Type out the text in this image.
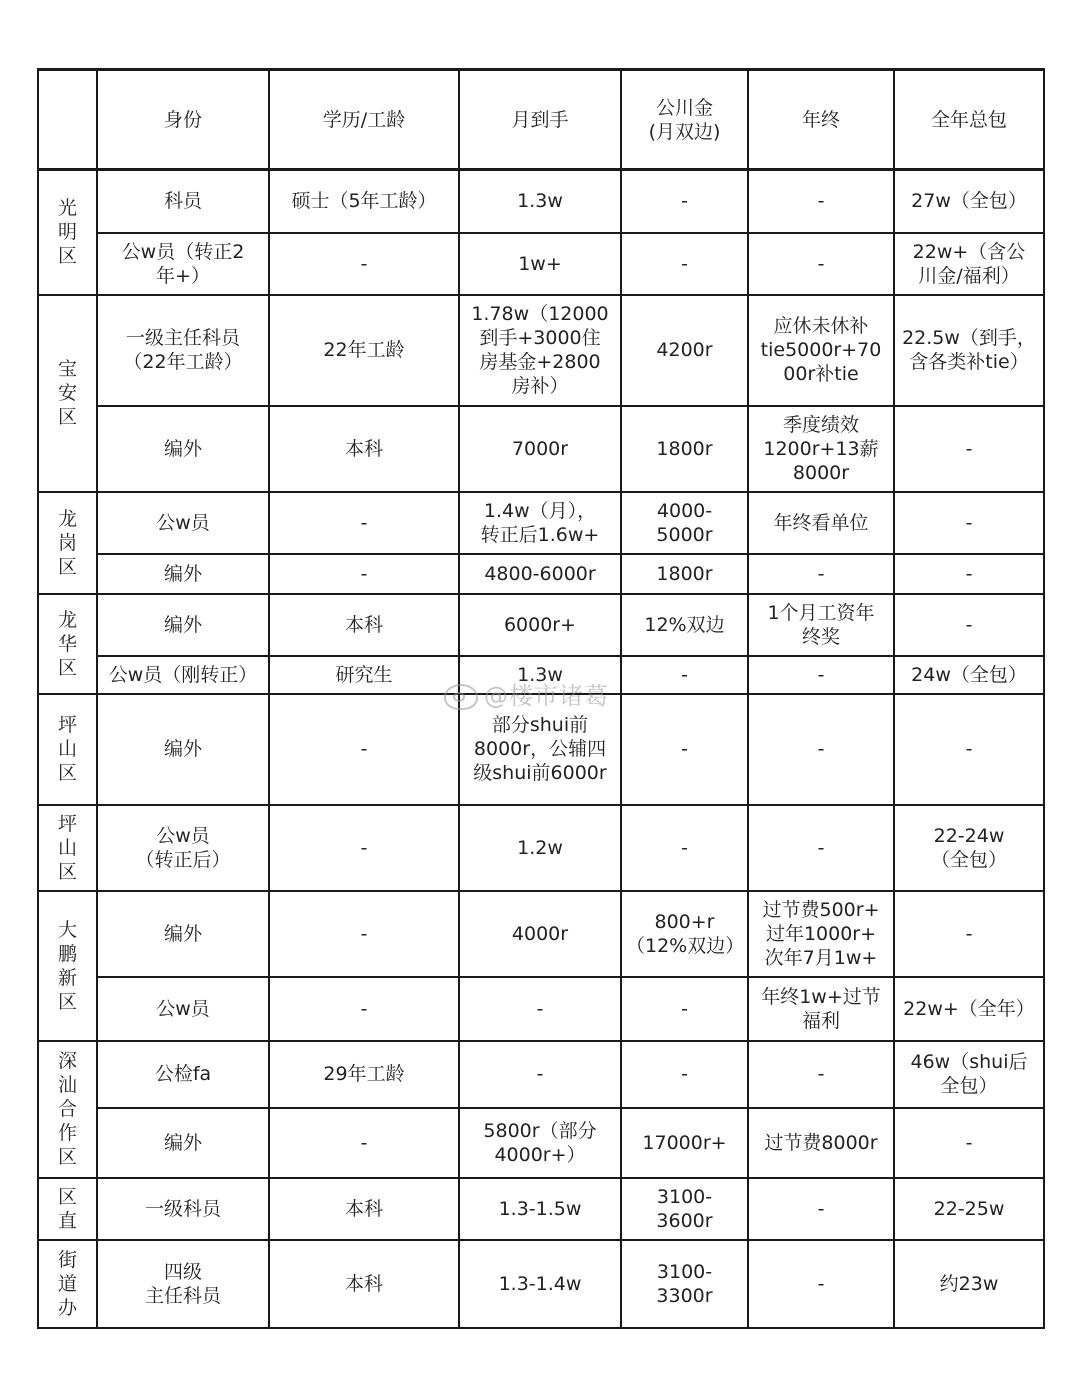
	身份	学历/工龄	月到手	公川金
(月双边)	年终	全年总包
光明区	科员	硕士（5年工龄）	1.3w	-	-	27w（全包）
	公w员（转正2
年+）	-	1w+	-	-	22w+（含公
川金/福利）
宝安区	一级主任科员
（22年工龄）	22年工龄	1.78w（12000
到手+3000住
房基金+2800
房补）	4200r	应休未休补
tie5000r+70
00r补tie	22.5w（到手，
含各类补tie）
	编外	本科	7000r	1800r	季度绩效
1200r+13薪
8000r	-
龙岗区	公w员	-	1.4w（月），
转正后1.6w+	4000-
5000r	年终看单位	-
	编外	-	4800-6000r	1800r	-	-
龙华区	编外	本科	6000r+	12%双边	1个月工资年
终奖	-
	公w员（刚转正）	研究生	1.3w	-	-	24w（全包）
坪山区	编外	-	部分shui前
8000r，公辅四
级shui前6000r	-	-	-
坪山区	公w员
（转正后）	-	1.2w	-	-	22-24w
（全包）
大鹏新区	编外	-	4000r	800+r
（12%双边）	过节费500r+
过年1000r+
次年7月1w+	-
	公w员	-	-	-	年终1w+过节
福利	22w+（全年）
深汕合作区	公检fa	29年工龄	-	-	-	46w（shui后
全包）
	编外	-	5800r（部分
4000r+）	17000r+	过节费8000r	-
区直	一级科员	本科	1.3-1.5w	3100-
3600r	-	22-25w
街道办	四级
主任科员	本科	1.3-1.4w	3100-
3300r	-	约23w
@楼市诸葛
